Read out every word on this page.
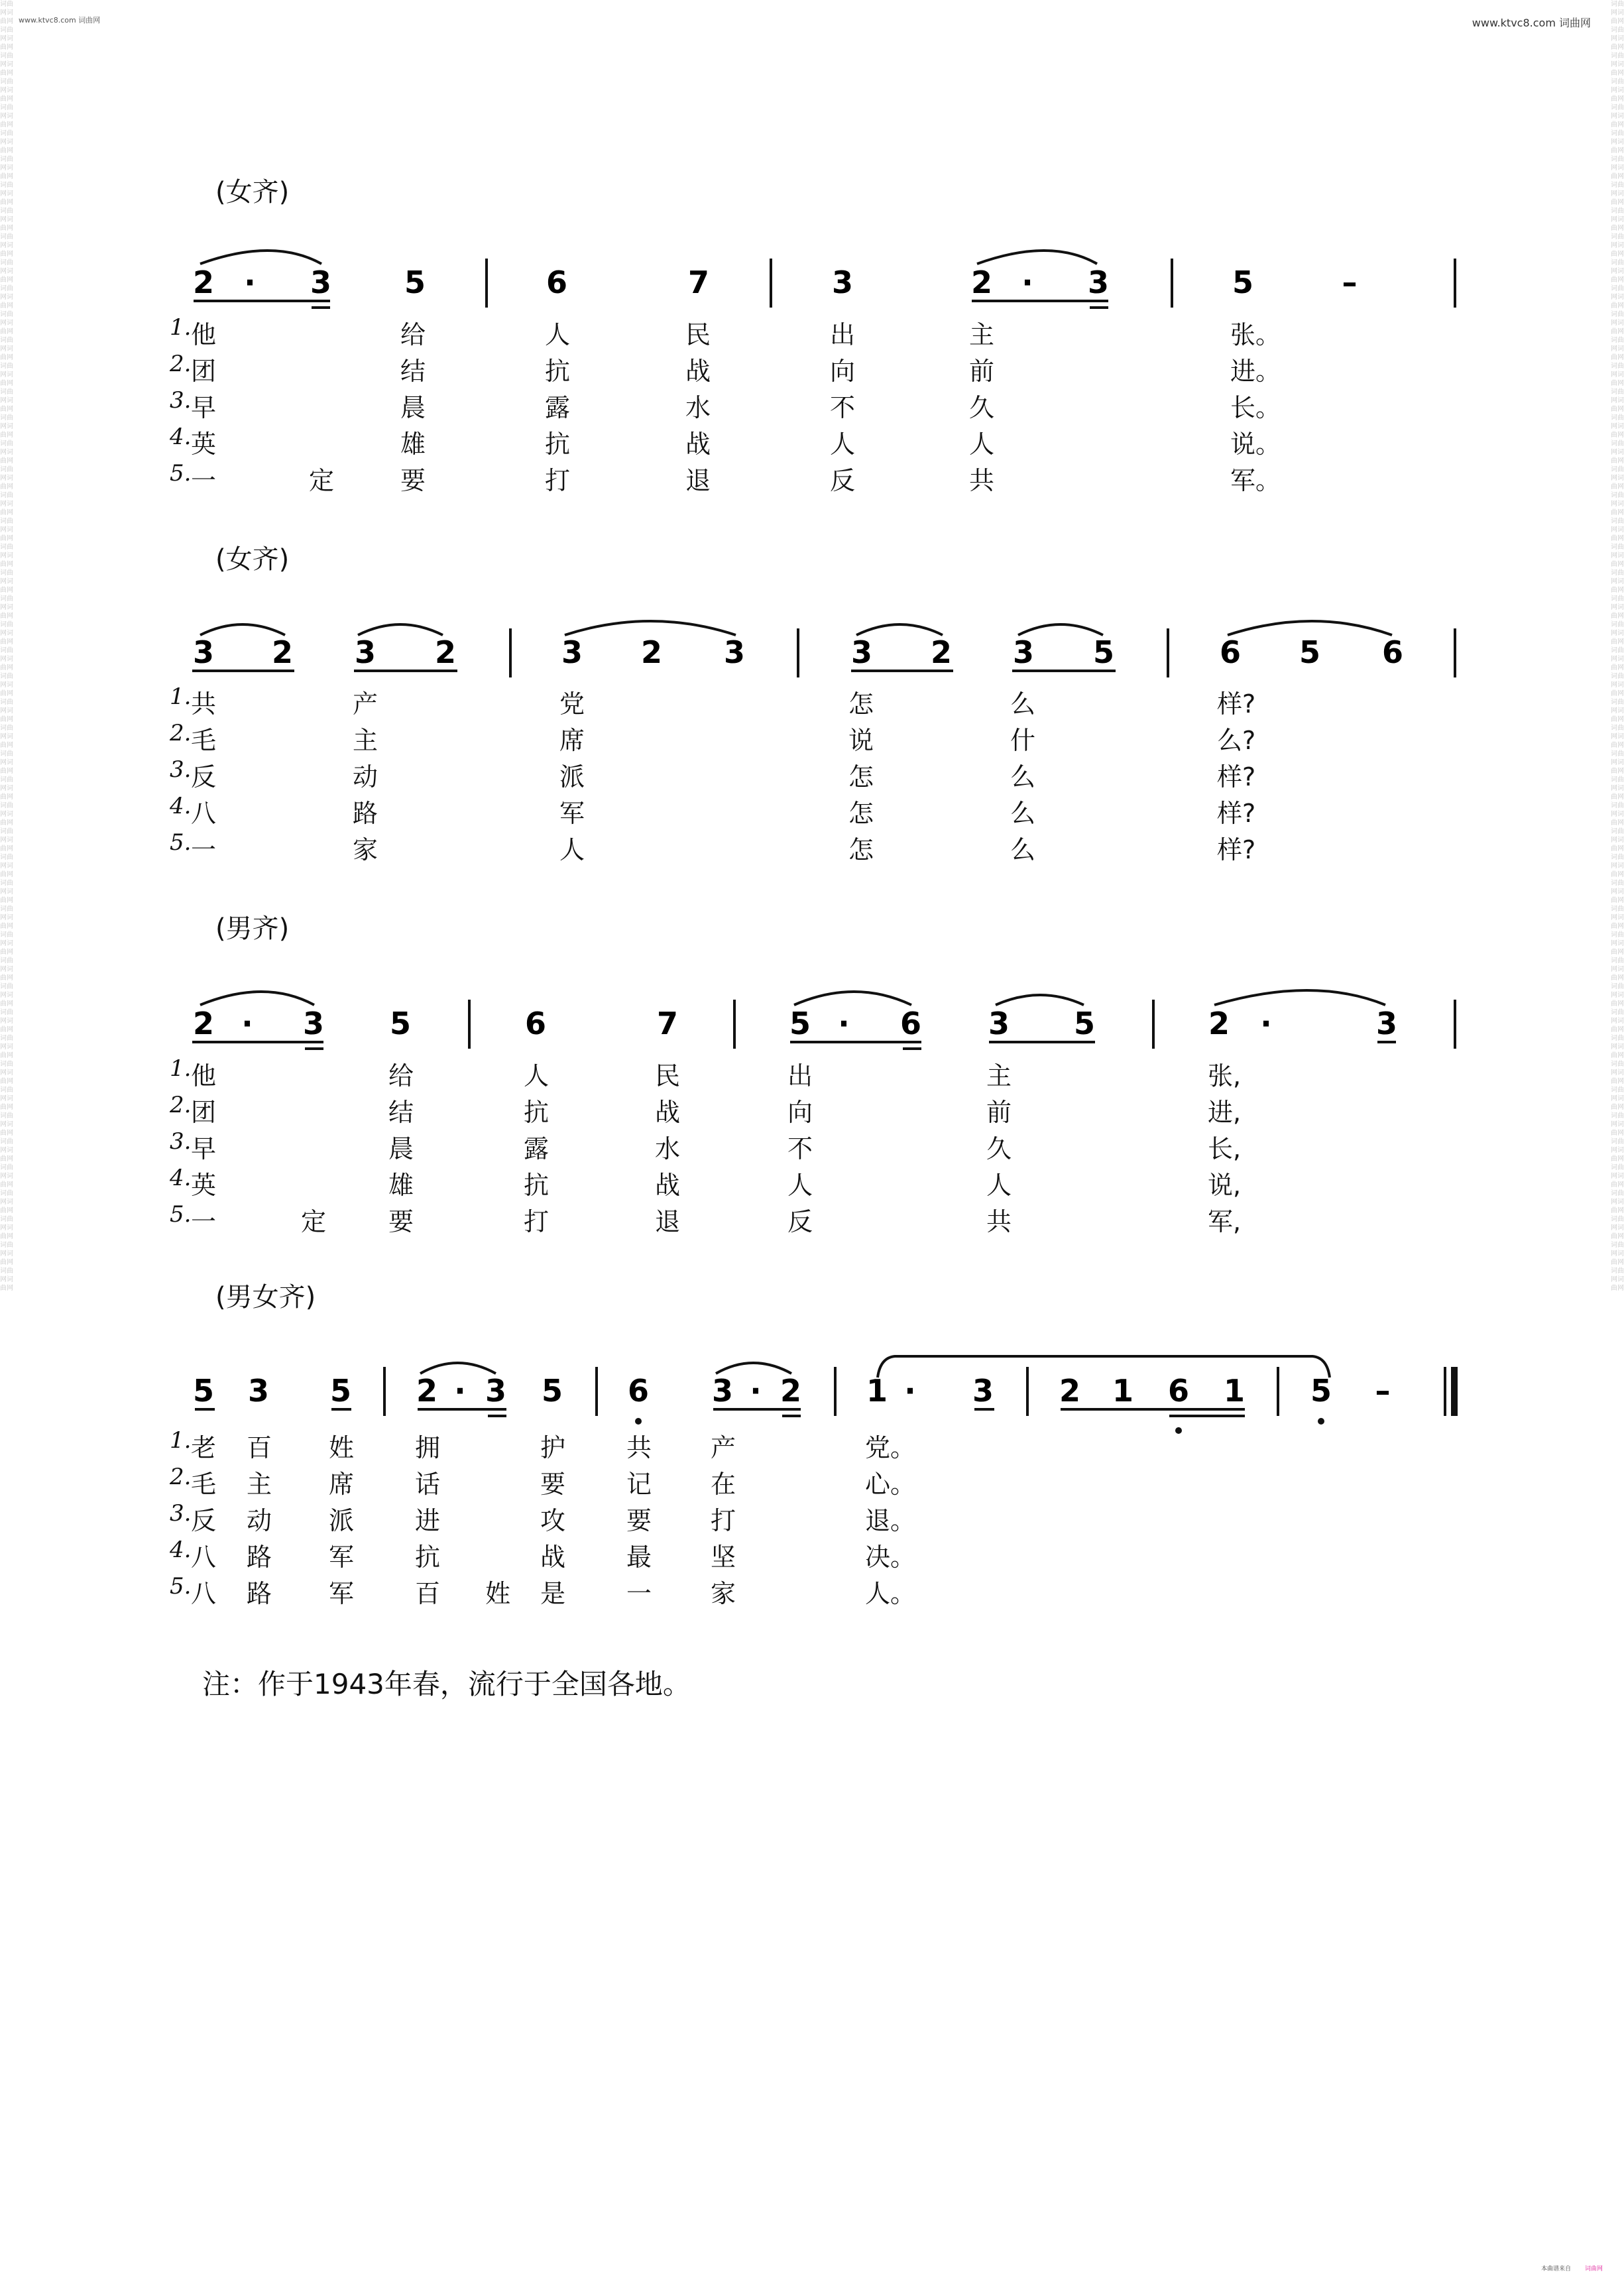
词曲网词曲网词曲网词曲网词曲网词曲网词曲网词曲网词曲网词曲网词曲网词曲网词曲网词曲网词曲网词曲网词曲网词曲网词曲网词曲网词曲网词曲网词曲网词曲网词曲网词曲网词曲网词曲网词曲网词曲网词曲网词曲网词曲网词曲网词曲网词曲网词曲网词曲网词曲网词曲网词曲网词曲网词曲网词曲网词曲网词曲网词曲网词曲网词曲网词曲网词曲网词曲网词曲网词曲网词曲网词曲网词曲网词曲网词曲网词曲网词曲网词曲网词曲网词曲网词曲网词曲网词曲网词曲网词曲网词曲网词曲网词曲网词曲网词曲网词曲网词曲网词曲网词曲网词曲网词曲网词曲网词曲网词曲网词曲网词曲网词曲网词曲网词曲网词曲网词曲网词曲网词曲网词曲网词曲网词曲网词曲网词曲网词曲网词曲网词曲网
词曲网词曲网词曲网词曲网词曲网词曲网词曲网词曲网词曲网词曲网词曲网词曲网词曲网词曲网词曲网词曲网词曲网词曲网词曲网词曲网词曲网词曲网词曲网词曲网词曲网词曲网词曲网词曲网词曲网词曲网词曲网词曲网词曲网词曲网词曲网词曲网词曲网词曲网词曲网词曲网词曲网词曲网词曲网词曲网词曲网词曲网词曲网词曲网词曲网词曲网词曲网词曲网词曲网词曲网词曲网词曲网词曲网词曲网词曲网词曲网词曲网词曲网词曲网词曲网词曲网词曲网词曲网词曲网词曲网词曲网词曲网词曲网词曲网词曲网词曲网词曲网词曲网词曲网词曲网词曲网词曲网词曲网词曲网词曲网词曲网词曲网词曲网词曲网词曲网词曲网词曲网词曲网词曲网词曲网词曲网词曲网词曲网词曲网词曲网词曲网
www.ktvc8.com 词曲网	www.ktvc8.com 词曲网
本曲谱来自 词曲网
(女齐)
2 · 3 5	6	7	3	2 · 3	5	–
1. 他	给	人	民	出	主	张。
2. 团	结	抗	战	向	前	进。
3. 早	晨	露	水	不	久	长。
4. 英	雄	抗	战	人	人	说。
5. 一	定	要	打	退	反	共	军。
(女齐)
3 2 3 2	3 2 3	3 2 3 5	6 5 6
1. 共	产	党	怎	么	样?
2. 毛	主	席	说	什	么?
3. 反	动	派	怎	么	样?
4. 八	路	军	怎	么	样?
5. 一	家	人	怎	么	样?
(男齐)
2 · 3 5	6	7	5 · 6 3 5	2 ·	3
1. 他	给	人	民	出	主	张,
2. 团	结	抗	战	向	前	进,
3. 早	晨	露	水	不	久	长,
4. 英	雄	抗	战	人	人	说,
5. 一	定 要	打	退	反	共	军,
(男女齐)
5 3 5 2 · 3 5 6 3 · 2 1 · 3 2 1 6 1 5 –
1. 老 百 姓 拥	护 共 产	党。
2. 毛 主 席 话	要 记 在	心。
3. 反 动 派 进	攻 要 打	退。
4. 八 路 军 抗	战 最 坚	决。
5. 八 路 军 百 姓 是 一 家	人。
注：作于1943年春，流行于全国各地。
